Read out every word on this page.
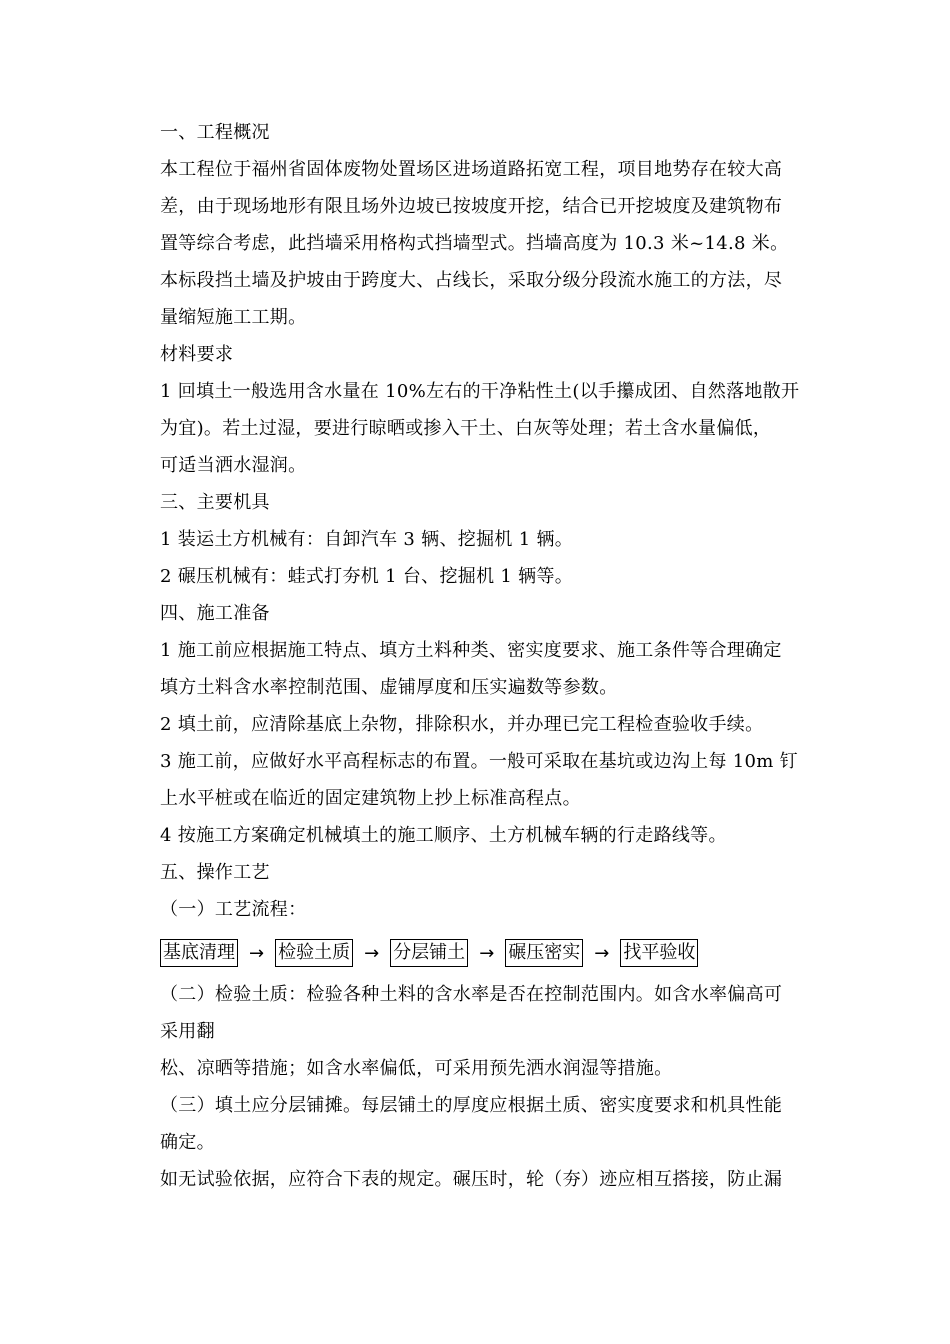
一、工程概况
本工程位于福州省固体废物处置场区进场道路拓宽工程，项目地势存在较大高
差，由于现场地形有限且场外边坡已按坡度开挖，结合已开挖坡度及建筑物布
置等综合考虑，此挡墙采用格构式挡墙型式。挡墙高度为 10.3 米~14.8 米。
本标段挡土墙及护坡由于跨度大、占线长，采取分级分段流水施工的方法，尽
量缩短施工工期。
材料要求
1 回填土一般选用含水量在 10%左右的干净粘性土(以手攥成团、自然落地散开
为宜)。若土过湿，要进行晾晒或掺入干土、白灰等处理；若土含水量偏低，
可适当洒水湿润。
三、主要机具
1 装运土方机械有：自卸汽车 3 辆、挖掘机 1 辆。
2 碾压机械有：蛙式打夯机 1 台、挖掘机 1 辆等。
四、施工准备
1 施工前应根据施工特点、填方土料种类、密实度要求、施工条件等合理确定
填方土料含水率控制范围、虚铺厚度和压实遍数等参数。
2 填土前，应清除基底上杂物，排除积水，并办理已完工程检查验收手续。
3 施工前，应做好水平高程标志的布置。一般可采取在基坑或边沟上每 10m 钉
上水平桩或在临近的固定建筑物上抄上标准高程点。
4 按施工方案确定机械填土的施工顺序、土方机械车辆的行走路线等。
五、操作工艺
（一）工艺流程：
基底清理 → 检验土质 → 分层铺土 → 碾压密实 → 找平验收
（二）检验土质：检验各种土料的含水率是否在控制范围内。如含水率偏高可
采用翻
松、凉晒等措施；如含水率偏低，可采用预先洒水润湿等措施。
（三）填土应分层铺摊。每层铺土的厚度应根据土质、密实度要求和机具性能
确定。
如无试验依据，应符合下表的规定。碾压时，轮（夯）迹应相互搭接，防止漏
